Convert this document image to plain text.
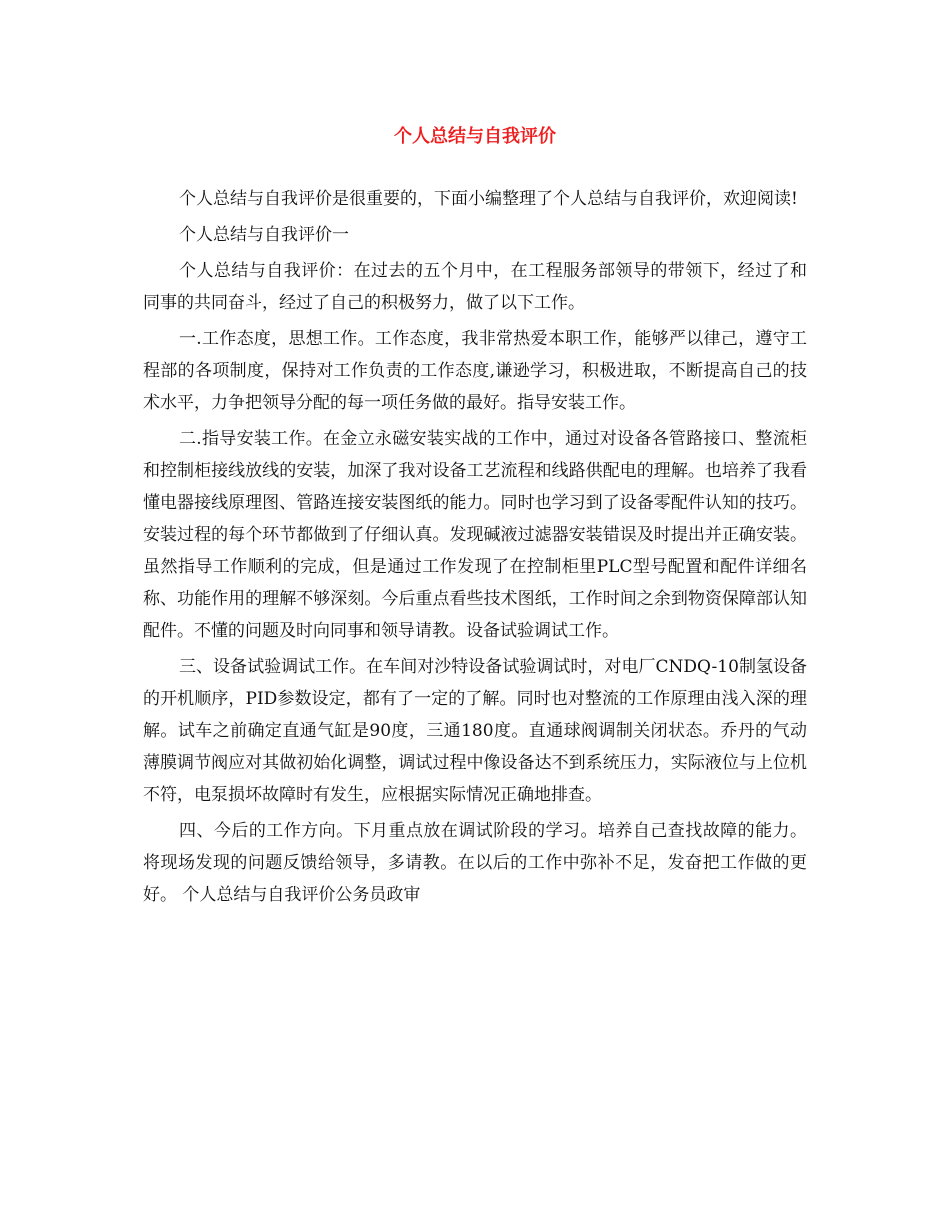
个人总结与自我评价

个人总结与自我评价是很重要的，下面小编整理了个人总结与自我评价，欢迎阅读!

个人总结与自我评价一

个人总结与自我评价：在过去的五个月中，在工程服务部领导的带领下，经过了和同事的共同奋斗，经过了自己的积极努力，做了以下工作。

一.工作态度，思想工作。工作态度，我非常热爱本职工作，能够严以律己，遵守工程部的各项制度，保持对工作负责的工作态度,谦逊学习，积极进取，不断提高自己的技术水平，力争把领导分配的每一项任务做的最好。指导安装工作。

二.指导安装工作。在金立永磁安装实战的工作中，通过对设备各管路接口、整流柜和控制柜接线放线的安装，加深了我对设备工艺流程和线路供配电的理解。也培养了我看懂电器接线原理图、管路连接安装图纸的能力。同时也学习到了设备零配件认知的技巧。安装过程的每个环节都做到了仔细认真。发现碱液过滤器安装错误及时提出并正确安装。虽然指导工作顺利的完成，但是通过工作发现了在控制柜里PLC型号配置和配件详细名称、功能作用的理解不够深刻。今后重点看些技术图纸，工作时间之余到物资保障部认知配件。不懂的问题及时向同事和领导请教。设备试验调试工作。

三、设备试验调试工作。在车间对沙特设备试验调试时，对电厂CNDQ-10制氢设备的开机顺序，PID参数设定，都有了一定的了解。同时也对整流的工作原理由浅入深的理解。试车之前确定直通气缸是90度，三通180度。直通球阀调制关闭状态。乔丹的气动薄膜调节阀应对其做初始化调整，调试过程中像设备达不到系统压力，实际液位与上位机不符，电泵损坏故障时有发生，应根据实际情况正确地排查。

四、今后的工作方向。下月重点放在调试阶段的学习。培养自己查找故障的能力。将现场发现的问题反馈给领导，多请教。在以后的工作中弥补不足，发奋把工作做的更好。 个人总结与自我评价公务员政审
